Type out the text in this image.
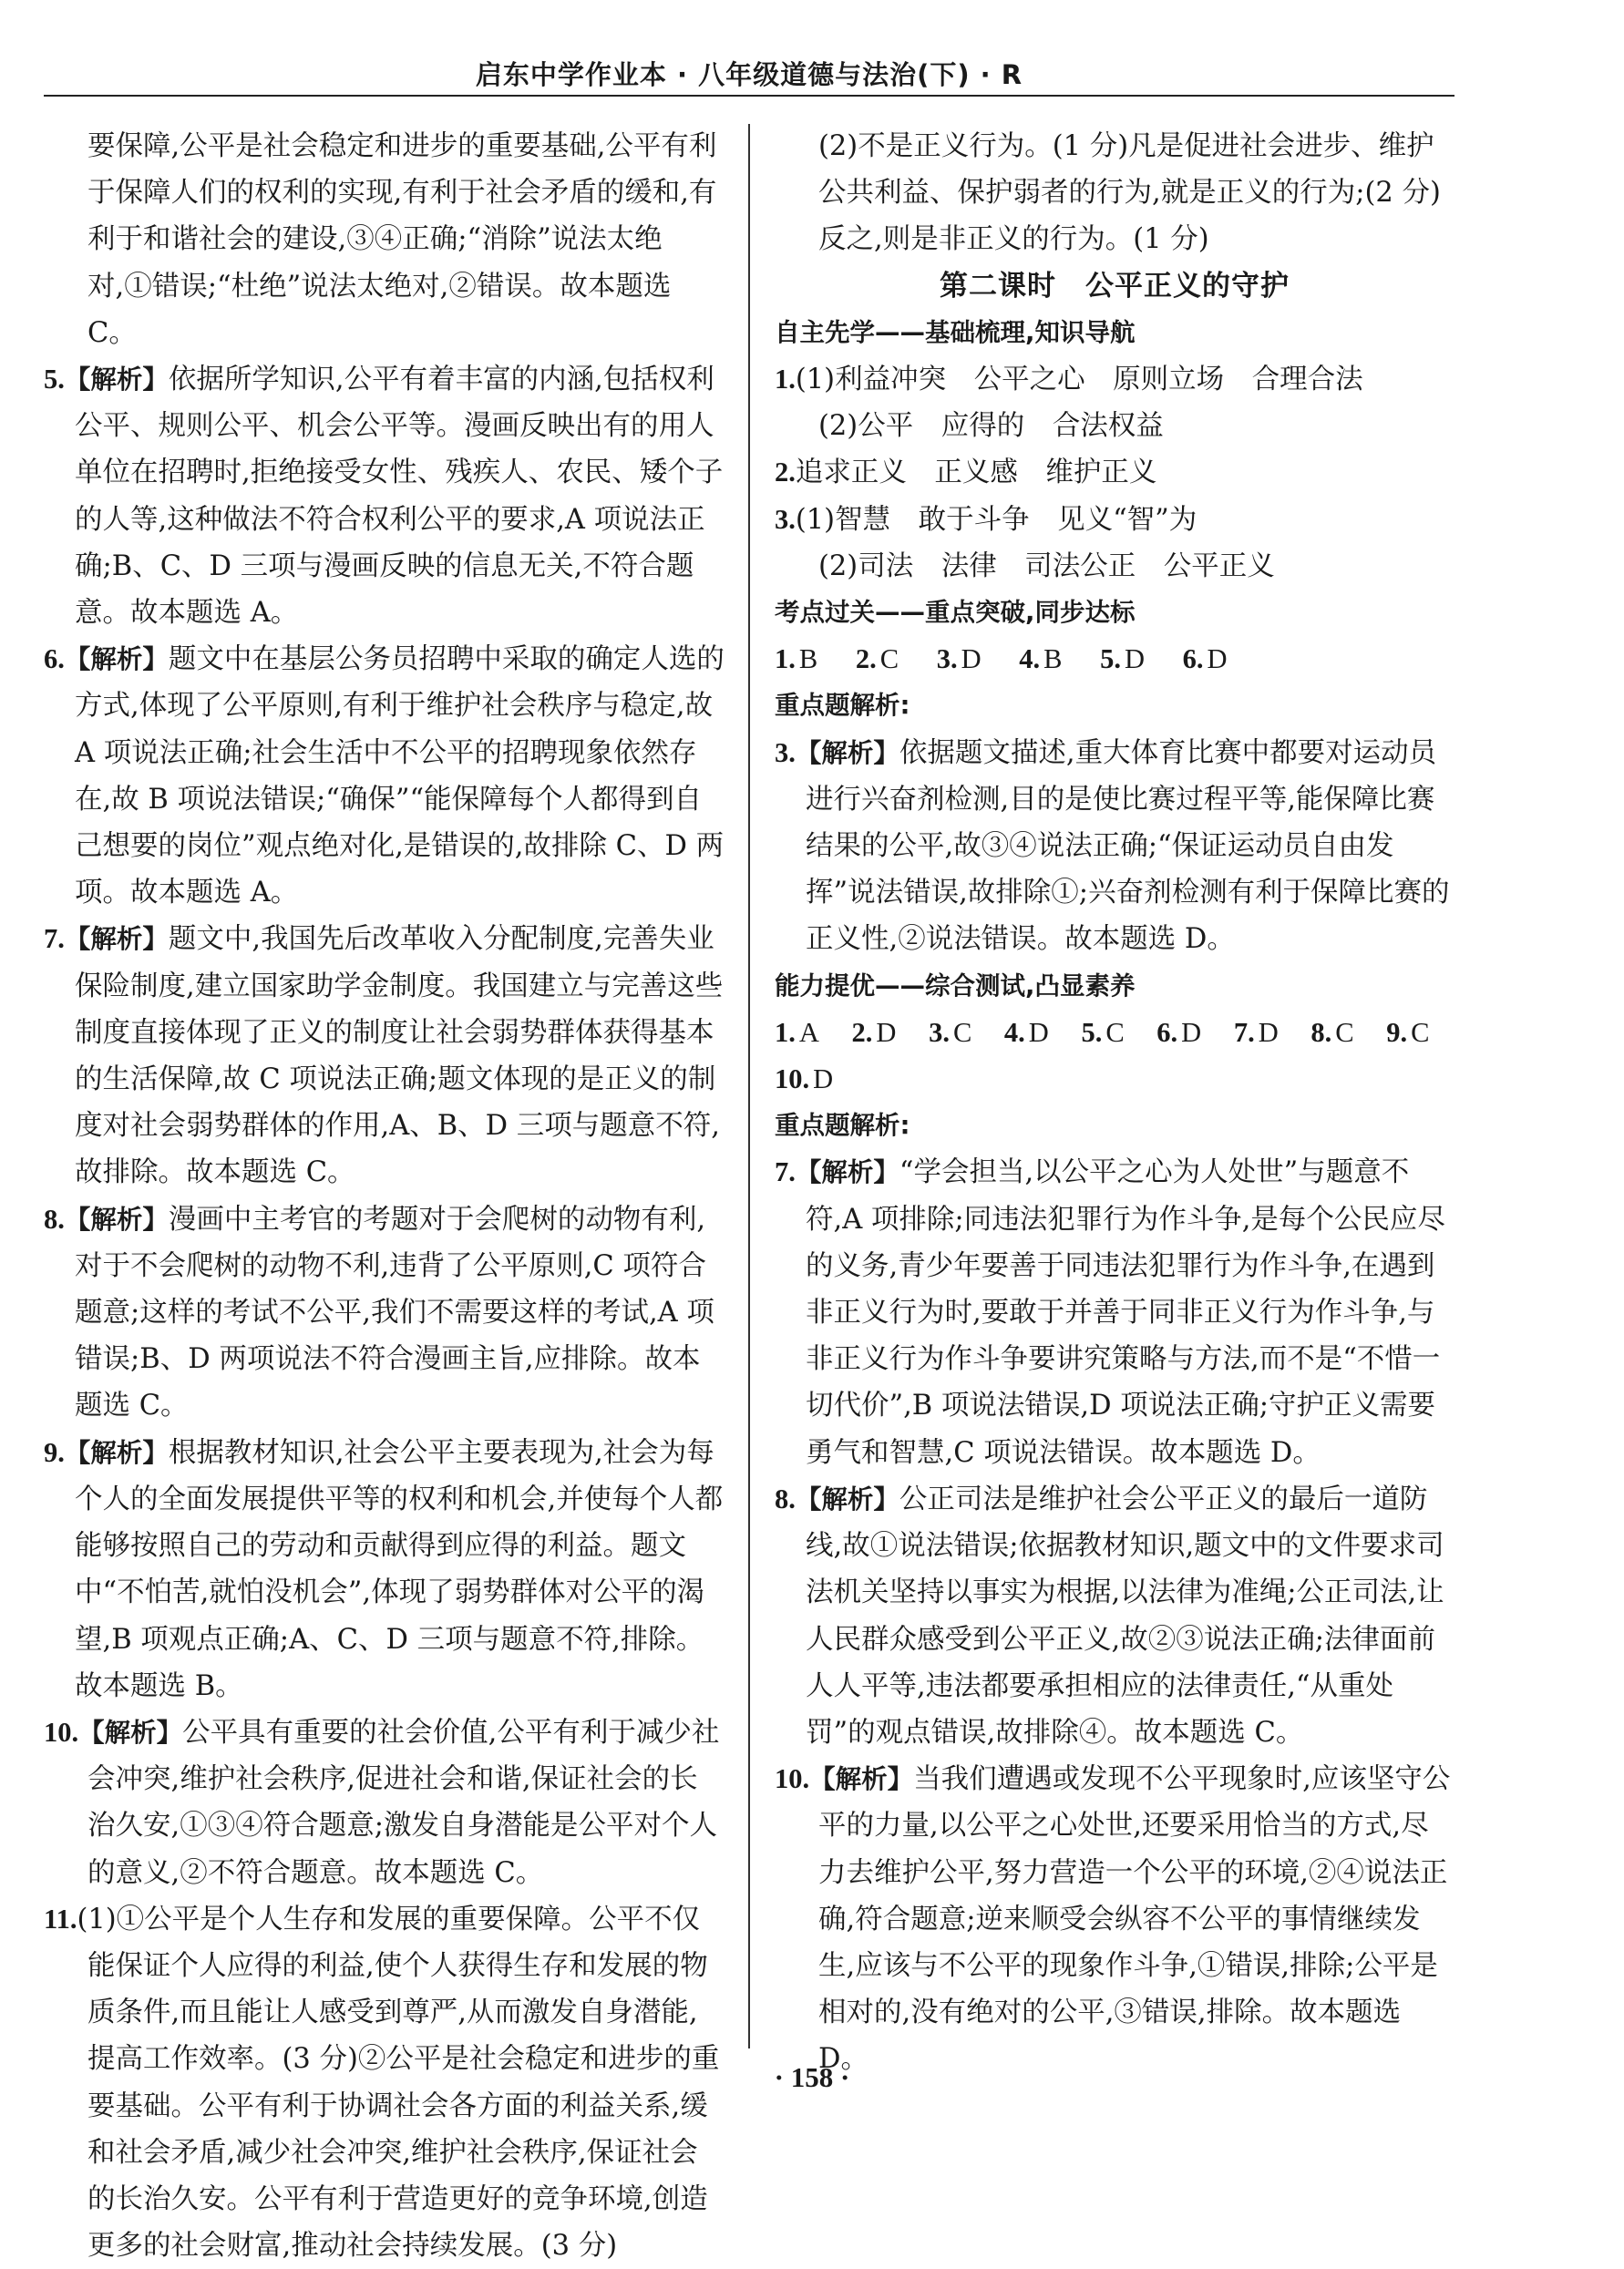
启东中学作业本 · 八年级道德与法治(下) · R

要保障,公平是社会稳定和进步的重要基础,公平有利于保障人们的权利的实现,有利于社会矛盾的缓和,有利于和谐社会的建设,③④正确;“消除”说法太绝对,①错误;“杜绝”说法太绝对,②错误。故本题选 C。

5.【解析】依据所学知识,公平有着丰富的内涵,包括权利公平、规则公平、机会公平等。漫画反映出有的用人单位在招聘时,拒绝接受女性、残疾人、农民、矮个子的人等,这种做法不符合权利公平的要求,A 项说法正确;B、C、D 三项与漫画反映的信息无关,不符合题意。故本题选 A。

6.【解析】题文中在基层公务员招聘中采取的确定人选的方式,体现了公平原则,有利于维护社会秩序与稳定,故 A 项说法正确;社会生活中不公平的招聘现象依然存在,故 B 项说法错误;“确保”“能保障每个人都得到自己想要的岗位”观点绝对化,是错误的,故排除 C、D 两项。故本题选 A。

7.【解析】题文中,我国先后改革收入分配制度,完善失业保险制度,建立国家助学金制度。我国建立与完善这些制度直接体现了正义的制度让社会弱势群体获得基本的生活保障,故 C 项说法正确;题文体现的是正义的制度对社会弱势群体的作用,A、B、D 三项与题意不符,故排除。故本题选 C。

8.【解析】漫画中主考官的考题对于会爬树的动物有利,对于不会爬树的动物不利,违背了公平原则,C 项符合题意;这样的考试不公平,我们不需要这样的考试,A 项错误;B、D 两项说法不符合漫画主旨,应排除。故本题选 C。

9.【解析】根据教材知识,社会公平主要表现为,社会为每个人的全面发展提供平等的权利和机会,并使每个人都能够按照自己的劳动和贡献得到应得的利益。题文中“不怕苦,就怕没机会”,体现了弱势群体对公平的渴望,B 项观点正确;A、C、D 三项与题意不符,排除。故本题选 B。

10.【解析】公平具有重要的社会价值,公平有利于减少社会冲突,维护社会秩序,促进社会和谐,保证社会的长治久安,①③④符合题意;激发自身潜能是公平对个人的意义,②不符合题意。故本题选 C。

11.(1)①公平是个人生存和发展的重要保障。公平不仅能保证个人应得的利益,使个人获得生存和发展的物质条件,而且能让人感受到尊严,从而激发自身潜能,提高工作效率。(3 分)②公平是社会稳定和进步的重要基础。公平有利于协调社会各方面的利益关系,缓和社会矛盾,减少社会冲突,维护社会秩序,保证社会的长治久安。公平有利于营造更好的竞争环境,创造更多的社会财富,推动社会持续发展。(3 分)

(2)不是正义行为。(1 分)凡是促进社会进步、维护公共利益、保护弱者的行为,就是正义的行为;(2 分)反之,则是非正义的行为。(1 分)

第二课时　公平正义的守护

自主先学——基础梳理,知识导航

1.(1)利益冲突　公平之心　原则立场　合理合法

(2)公平　应得的　合法权益

2.追求正义　正义感　维护正义

3.(1)智慧　敢于斗争　见义“智”为

(2)司法　法律　司法公正　公平正义

考点过关——重点突破,同步达标

1. B 2. C 3. D 4. B 5. D 6. D

重点题解析:

3.【解析】依据题文描述,重大体育比赛中都要对运动员进行兴奋剂检测,目的是使比赛过程平等,能保障比赛结果的公平,故③④说法正确;“保证运动员自由发挥”说法错误,故排除①;兴奋剂检测有利于保障比赛的正义性,②说法错误。故本题选 D。

能力提优——综合测试,凸显素养

1. A 2. D 3. C 4. D 5. C 6. D 7. D 8. C 9. C

10. D

重点题解析:

7.【解析】“学会担当,以公平之心为人处世”与题意不符,A 项排除;同违法犯罪行为作斗争,是每个公民应尽的义务,青少年要善于同违法犯罪行为作斗争,在遇到非正义行为时,要敢于并善于同非正义行为作斗争,与非正义行为作斗争要讲究策略与方法,而不是“不惜一切代价”,B 项说法错误,D 项说法正确;守护正义需要勇气和智慧,C 项说法错误。故本题选 D。

8.【解析】公正司法是维护社会公平正义的最后一道防线,故①说法错误;依据教材知识,题文中的文件要求司法机关坚持以事实为根据,以法律为准绳;公正司法,让人民群众感受到公平正义,故②③说法正确;法律面前人人平等,违法都要承担相应的法律责任,“从重处罚”的观点错误,故排除④。故本题选 C。

10.【解析】当我们遭遇或发现不公平现象时,应该坚守公平的力量,以公平之心处世,还要采用恰当的方式,尽力去维护公平,努力营造一个公平的环境,②④说法正确,符合题意;逆来顺受会纵容不公平的事情继续发生,应该与不公平的现象作斗争,①错误,排除;公平是相对的,没有绝对的公平,③错误,排除。故本题选 D。

· 158 ·
